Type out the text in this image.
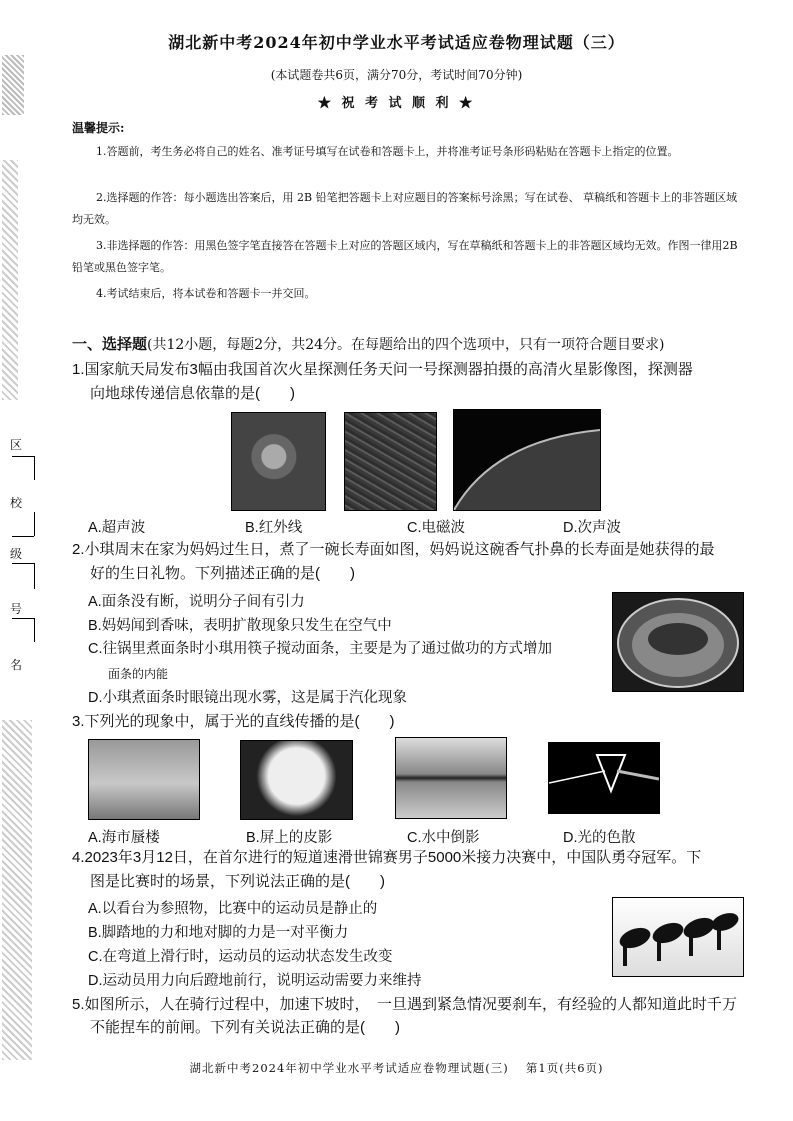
湖北新中考2024年初中学业水平考试适应卷物理试题（三）
(本试题卷共6页，满分70分，考试时间70分钟)
★ 祝 考 试 顺 利 ★
温馨提示:
1.答题前，考生务必将自己的姓名、准考证号填写在试卷和答题卡上，并将准考证号条形码粘贴在答题卡上指定的位置。
2.选择题的作答：每小题选出答案后，用 2B 铅笔把答题卡上对应题目的答案标号涂黑；写在试卷、 草稿纸和答题卡上的非答题区域均无效。
3.非选择题的作答：用黑色签字笔直接答在答题卡上对应的答题区域内，写在草稿纸和答题卡上的非答题区域均无效。作图一律用2B 铅笔或黑色签字笔。
4.考试结束后，将本试卷和答题卡一并交回。
一、选择题(共12小题，每题2分，共24分。在每题给出的四个选项中，只有一项符合题目要求)
1.国家航天局发布3幅由我国首次火星探测任务天问一号探测器拍摄的高清火星影像图，探测器
向地球传递信息依靠的是(　　)
A.超声波	B.红外线	C.电磁波	D.次声波
2.小琪周末在家为妈妈过生日，煮了一碗长寿面如图，妈妈说这碗香气扑鼻的长寿面是她获得的最
好的生日礼物。下列描述正确的是(　　)
A.面条没有断，说明分子间有引力
B.妈妈闻到香味，表明扩散现象只发生在空气中
C.往锅里煮面条时小琪用筷子搅动面条，主要是为了通过做功的方式增加
面条的内能
D.小琪煮面条时眼镜出现水雾，这是属于汽化现象
3.下列光的现象中，属于光的直线传播的是(　　)
A.海市蜃楼	B.屏上的皮影	C.水中倒影	D.光的色散
4.2023年3月12日，在首尔进行的短道速滑世锦赛男子5000米接力决赛中，中国队勇夺冠军。下
图是比赛时的场景，下列说法正确的是(　　)
A.以看台为参照物，比赛中的运动员是静止的
B.脚踏地的力和地对脚的力是一对平衡力
C.在弯道上滑行时，运动员的运动状态发生改变
D.运动员用力向后蹬地前行，说明运动需要力来维持
5.如图所示，人在骑行过程中，加速下坡时，　一旦遇到紧急情况要刹车，有经验的人都知道此时千万
不能捏车的前闸。下列有关说法正确的是(　　)
湖北新中考2024年初中学业水平考试适应卷物理试题(三)　 第1页(共6页)
区
校
级
号
名
